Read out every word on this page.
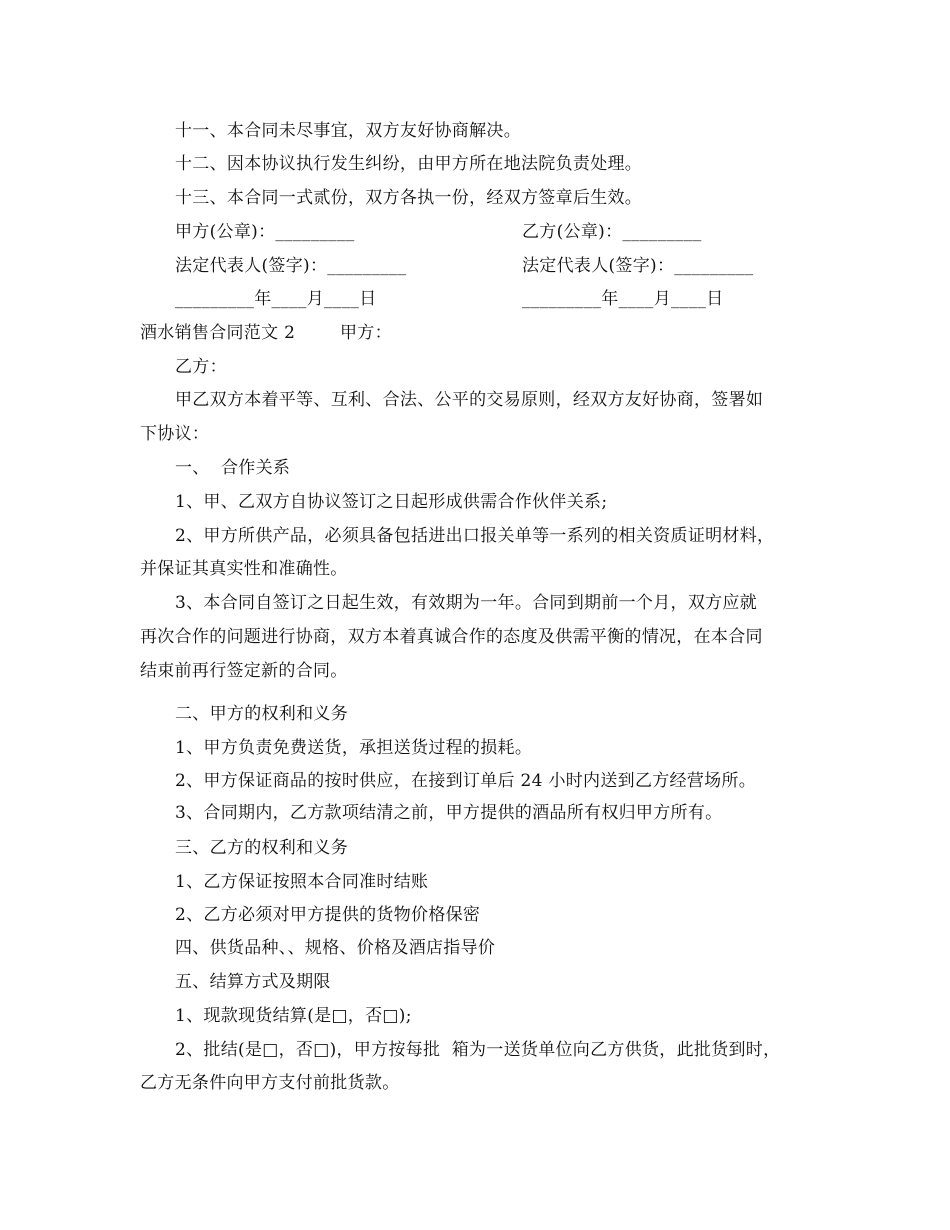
十一、本合同未尽事宜，双方友好协商解决。
十二、因本协议执行发生纠纷，由甲方所在地法院负责处理。
十三、本合同一式贰份，双方各执一份，经双方签章后生效。
甲方(公章)：_________	乙方(公章)：_________
法定代表人(签字)：_________	法定代表人(签字)：_________
_________年____月____日	_________年____月____日
酒水销售合同范文 2	甲方：
乙方：
甲乙双方本着平等、互利、合法、公平的交易原则，经双方友好协商，签署如
下协议：
一、  合作关系
1、甲、乙双方自协议签订之日起形成供需合作伙伴关系;
2、甲方所供产品，必须具备包括进出口报关单等一系列的相关资质证明材料，
并保证其真实性和准确性。
3、本合同自签订之日起生效，有效期为一年。合同到期前一个月，双方应就
再次合作的问题进行协商，双方本着真诚合作的态度及供需平衡的情况，在本合同
结束前再行签定新的合同。
二、甲方的权利和义务
1、甲方负责免费送货，承担送货过程的损耗。
2、甲方保证商品的按时供应，在接到订单后 24 小时内送到乙方经营场所。
3、合同期内，乙方款项结清之前，甲方提供的酒品所有权归甲方所有。
三、乙方的权利和义务
1、乙方保证按照本合同准时结账
2、乙方必须对甲方提供的货物价格保密
四、供货品种、、规格、价格及酒店指导价
五、结算方式及期限
1、现款现货结算(是□，否□);
2、批结(是□，否□)，甲方按每批  箱为一送货单位向乙方供货，此批货到时，
乙方无条件向甲方支付前批货款。
